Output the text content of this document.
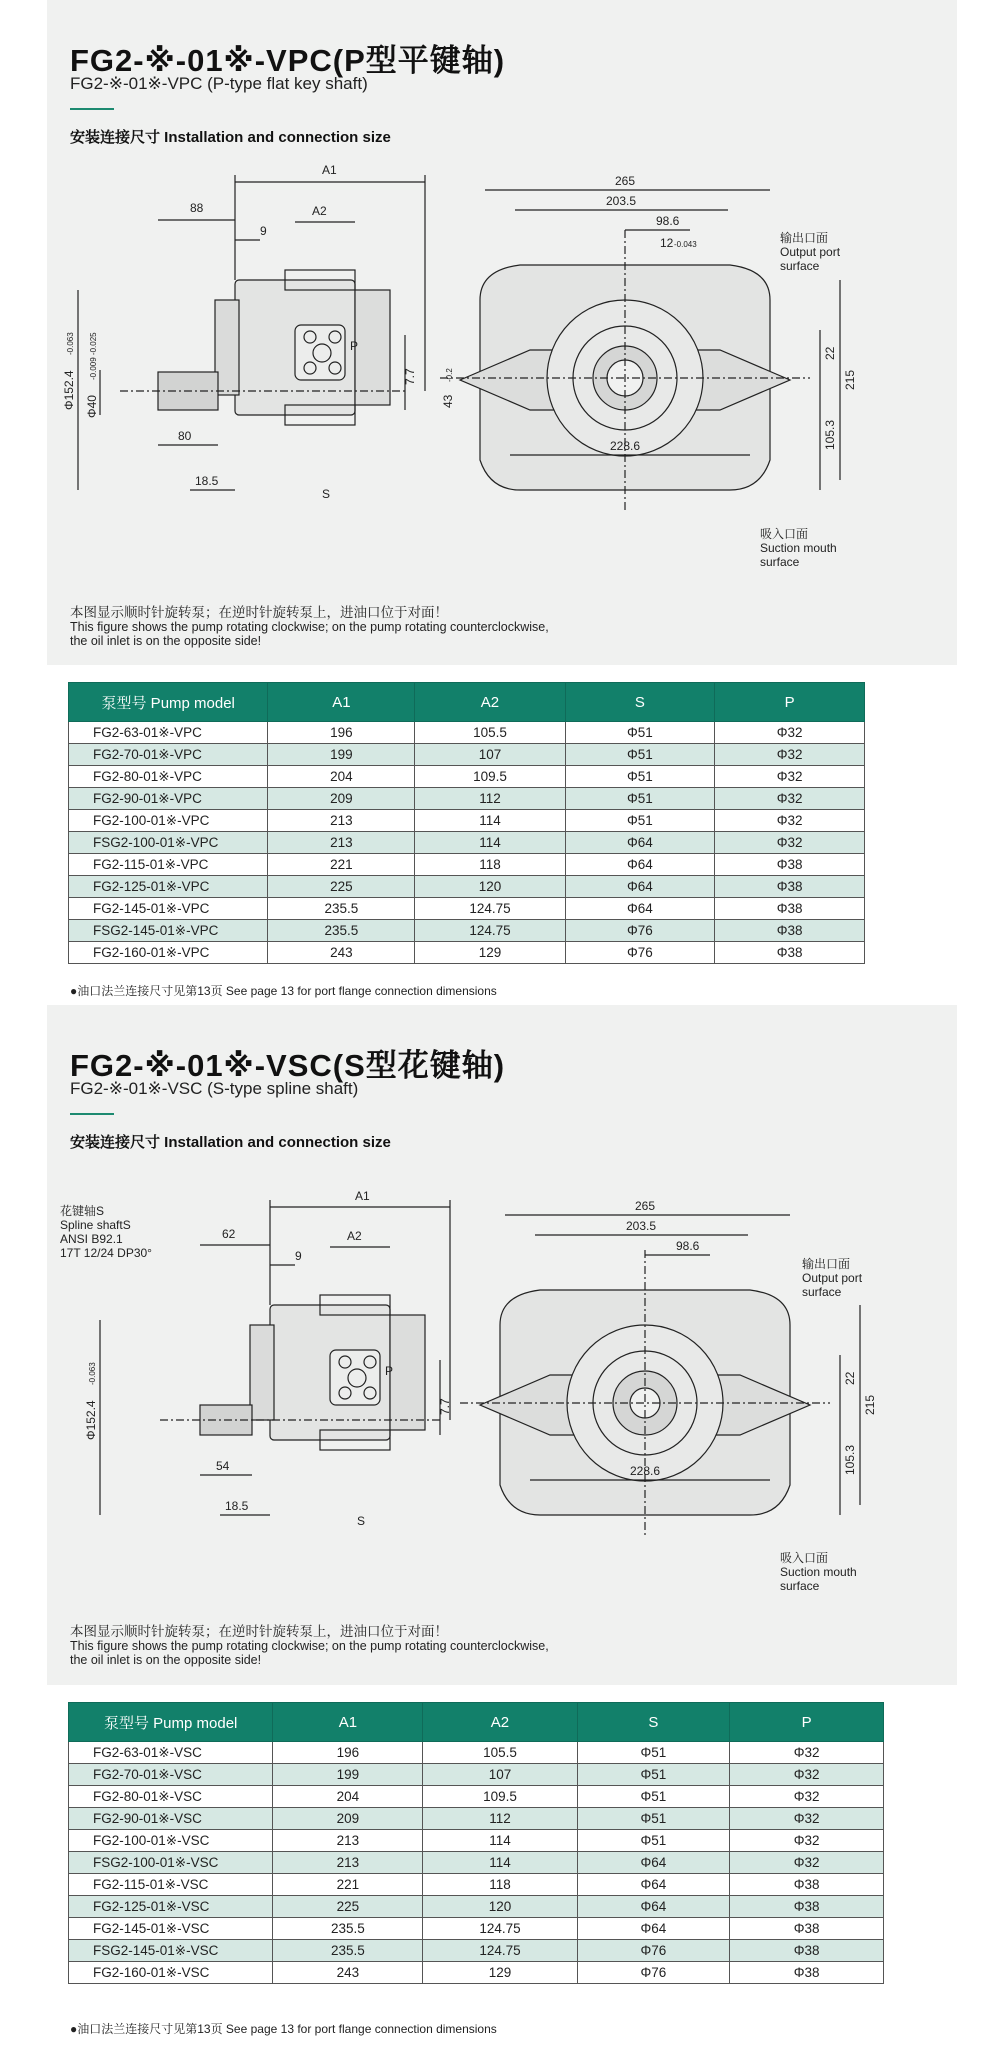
FG2-※-01※-VPC(P型平键轴)
FG2-※-01※-VPC (P-type flat key shaft)
安装连接尺寸 Installation and connection size
A1
88	A2
9
80
18.5
Φ152.4
-0.063
Φ40
-0.009 -0.025	7.7
43
-0.2
S
P
265
203.5
98.6
12 -0.043
22
215
105.3
228.6
输出口面
Output port
surface
吸入口面
Suction mouth
surface
本图显示顺时针旋转泵；在逆时针旋转泵上，进油口位于对面！
This figure shows the pump rotating clockwise; on the pump rotating counterclockwise,
the oil inlet is on the opposite side!
泵型号 Pump model	A1	A2	S	P
FG2-63-01※-VPC	196	105.5	Φ51	Φ32
FG2-70-01※-VPC	199	107	Φ51	Φ32
FG2-80-01※-VPC	204	109.5	Φ51	Φ32
FG2-90-01※-VPC	209	112	Φ51	Φ32
FG2-100-01※-VPC	213	114	Φ51	Φ32
FSG2-100-01※-VPC	213	114	Φ64	Φ32
FG2-115-01※-VPC	221	118	Φ64	Φ38
FG2-125-01※-VPC	225	120	Φ64	Φ38
FG2-145-01※-VPC	235.5	124.75	Φ64	Φ38
FSG2-145-01※-VPC	235.5	124.75	Φ76	Φ38
FG2-160-01※-VPC	243	129	Φ76	Φ38
●油口法兰连接尺寸见第13页 See page 13 for port flange connection dimensions
FG2-※-01※-VSC(S型花键轴)
FG2-※-01※-VSC (S-type spline shaft)
安装连接尺寸 Installation and connection size
花键轴S
Spline shaftS
ANSI B92.1
17T 12/24 DP30°
A1
62	A2
9
54
18.5
Φ152.4
-0.063
7.7
S
P
265
203.5
98.6
22
215
105.3
228.6
输出口面
Output port
surface
吸入口面
Suction mouth
surface
本图显示顺时针旋转泵；在逆时针旋转泵上，进油口位于对面！
This figure shows the pump rotating clockwise; on the pump rotating counterclockwise,
the oil inlet is on the opposite side!
泵型号 Pump model	A1	A2	S	P
FG2-63-01※-VSC	196	105.5	Φ51	Φ32
FG2-70-01※-VSC	199	107	Φ51	Φ32
FG2-80-01※-VSC	204	109.5	Φ51	Φ32
FG2-90-01※-VSC	209	112	Φ51	Φ32
FG2-100-01※-VSC	213	114	Φ51	Φ32
FSG2-100-01※-VSC	213	114	Φ64	Φ32
FG2-115-01※-VSC	221	118	Φ64	Φ38
FG2-125-01※-VSC	225	120	Φ64	Φ38
FG2-145-01※-VSC	235.5	124.75	Φ64	Φ38
FSG2-145-01※-VSC	235.5	124.75	Φ76	Φ38
FG2-160-01※-VSC	243	129	Φ76	Φ38
●油口法兰连接尺寸见第13页 See page 13 for port flange connection dimensions
